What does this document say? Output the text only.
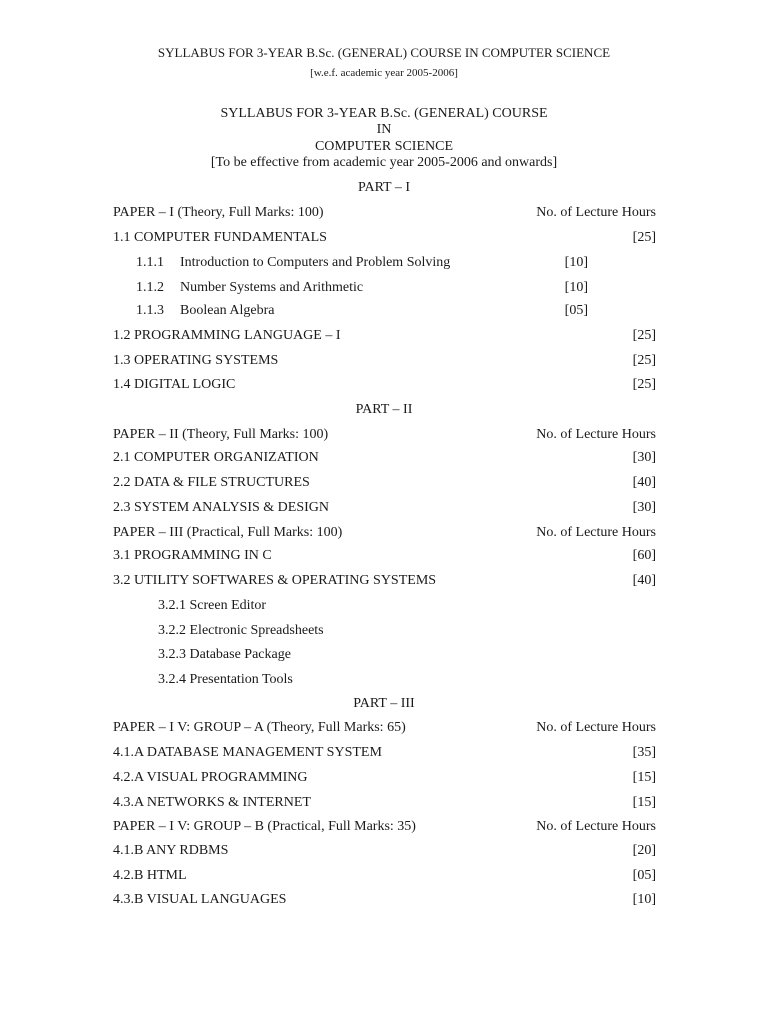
SYLLABUS FOR 3-YEAR B.Sc. (GENERAL) COURSE IN COMPUTER SCIENCE
[w.e.f. academic year 2005-2006]
SYLLABUS FOR 3-YEAR B.Sc. (GENERAL) COURSE
IN
COMPUTER SCIENCE
[To be effective from academic year 2005-2006 and onwards]
PART – I
PAPER – I (Theory, Full Marks: 100)	No. of Lecture Hours
1.1 COMPUTER FUNDAMENTALS	[25]
1.1.1 Introduction to Computers and Problem Solving	[10]
1.1.2 Number Systems and Arithmetic	[10]
1.1.3 Boolean Algebra	[05]
1.2 PROGRAMMING LANGUAGE – I	[25]
1.3 OPERATING SYSTEMS	[25]
1.4 DIGITAL LOGIC	[25]
PART – II
PAPER – II (Theory, Full Marks: 100)	No. of Lecture Hours
2.1 COMPUTER ORGANIZATION	[30]
2.2 DATA & FILE STRUCTURES	[40]
2.3 SYSTEM ANALYSIS & DESIGN	[30]
PAPER – III (Practical, Full Marks: 100)	No. of Lecture Hours
3.1 PROGRAMMING IN C	[60]
3.2 UTILITY SOFTWARES & OPERATING SYSTEMS	[40]
3.2.1 Screen Editor
3.2.2 Electronic Spreadsheets
3.2.3 Database Package
3.2.4 Presentation Tools
PART – III
PAPER – I V: GROUP – A (Theory, Full Marks: 65)	No. of Lecture Hours
4.1.A DATABASE MANAGEMENT SYSTEM	[35]
4.2.A VISUAL PROGRAMMING	[15]
4.3.A NETWORKS & INTERNET	[15]
PAPER – I V: GROUP – B (Practical, Full Marks: 35)	No. of Lecture Hours
4.1.B ANY RDBMS	[20]
4.2.B HTML	[05]
4.3.B VISUAL LANGUAGES	[10]
